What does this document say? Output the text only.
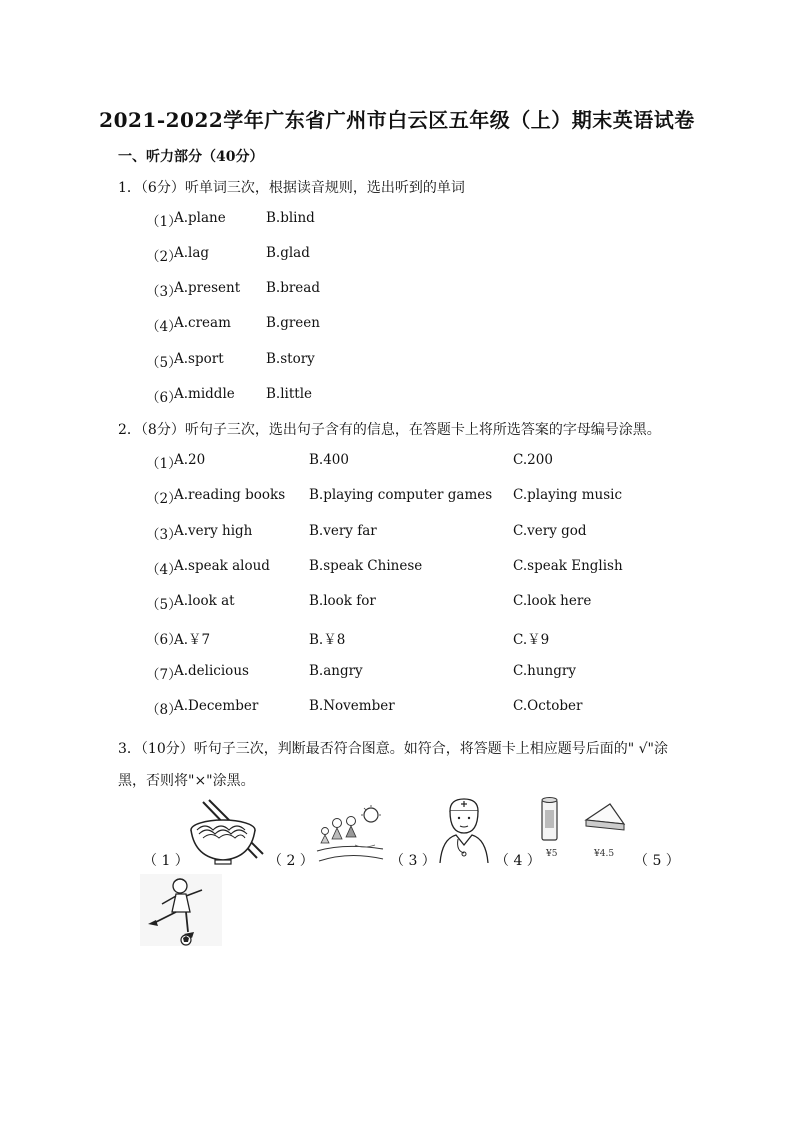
2021-2022学年广东省广州市白云区五年级（上）期末英语试卷
一、听力部分（40分）
1．（6分）听单词三次，根据读音规则，选出听到的单词
（1）
A.plane	B.blind
（2）
A.lag	B.glad
（3）
A.present B.bread
（4）
A.cream	B.green
（5）
A.sport	B.story
（6）
A.middle B.little
2．（8分）听句子三次，选出句子含有的信息，在答题卡上将所选答案的字母编号涂黑。
（1）
A.20	B.400	C.200
（2）
A.reading books B.playing computer games C.playing music
（3）
A.very high	B.very far	C.very god
（4）
A.speak aloud	B.speak Chinese	C.speak English
（5）
A.look at	B.look for	C.look here
（6）
A.￥7	B.￥8	C.￥9
（7）
A.delicious	B.angry	C.hungry
（8）
A.December	B.November	C.October
3．（10分）听句子三次，判断最否符合图意。如符合，将答题卡上相应题号后面的" √"涂黑，否则将"×"涂黑。
（ 1 ）	（ 2 ）	（ 3 ）	（ 4 ）	（ 5 ）
¥5	¥4.5
